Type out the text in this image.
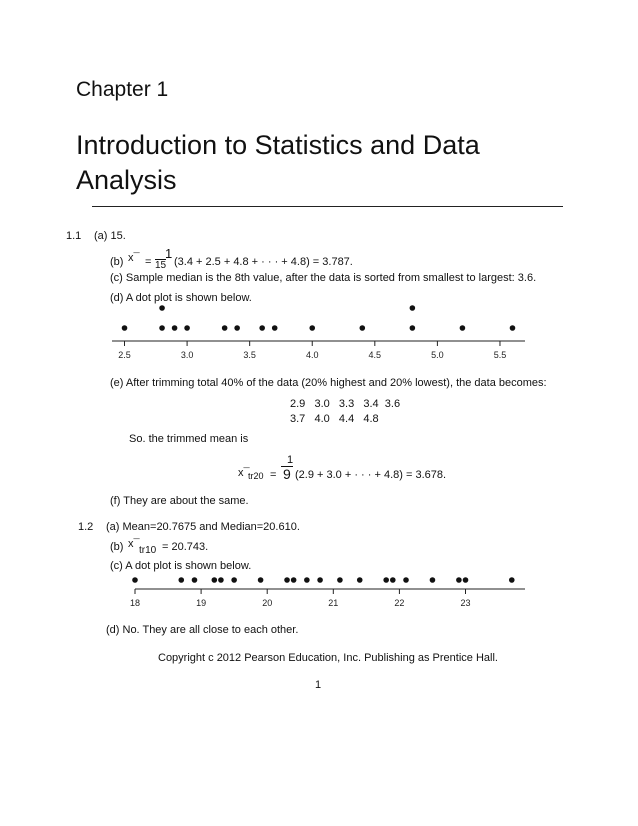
Chapter 1
Introduction to Statistics and Data Analysis
1.1 (a) 15.
(b) x¯ =
1
15 (3.4 + 2.5 + 4.8 + · · · + 4.8) = 3.787.
(c) Sample median is the 8th value, after the data is sorted from smallest to largest: 3.6.
(d) A dot plot is shown below.
2.5	3.0	3.5	4.0	4.5	5.0	5.5
(e) After trimming total 40% of the data (20% highest and 20% lowest), the data becomes:
2.9   3.0   3.3   3.4  3.6
3.7   4.0   4.4   4.8
So. the trimmed mean is
1
x¯
tr20 = 9 (2.9 + 3.0 + · · · + 4.8) = 3.678.
(f) They are about the same.
1.2 (a) Mean=20.7675 and Median=20.610.
(b) x¯
tr10 = 20.743.
(c) A dot plot is shown below.
18	19	20	21	22	23
(d) No. They are all close to each other.
Copyright c 2012 Pearson Education, Inc. Publishing as Prentice Hall.
1
